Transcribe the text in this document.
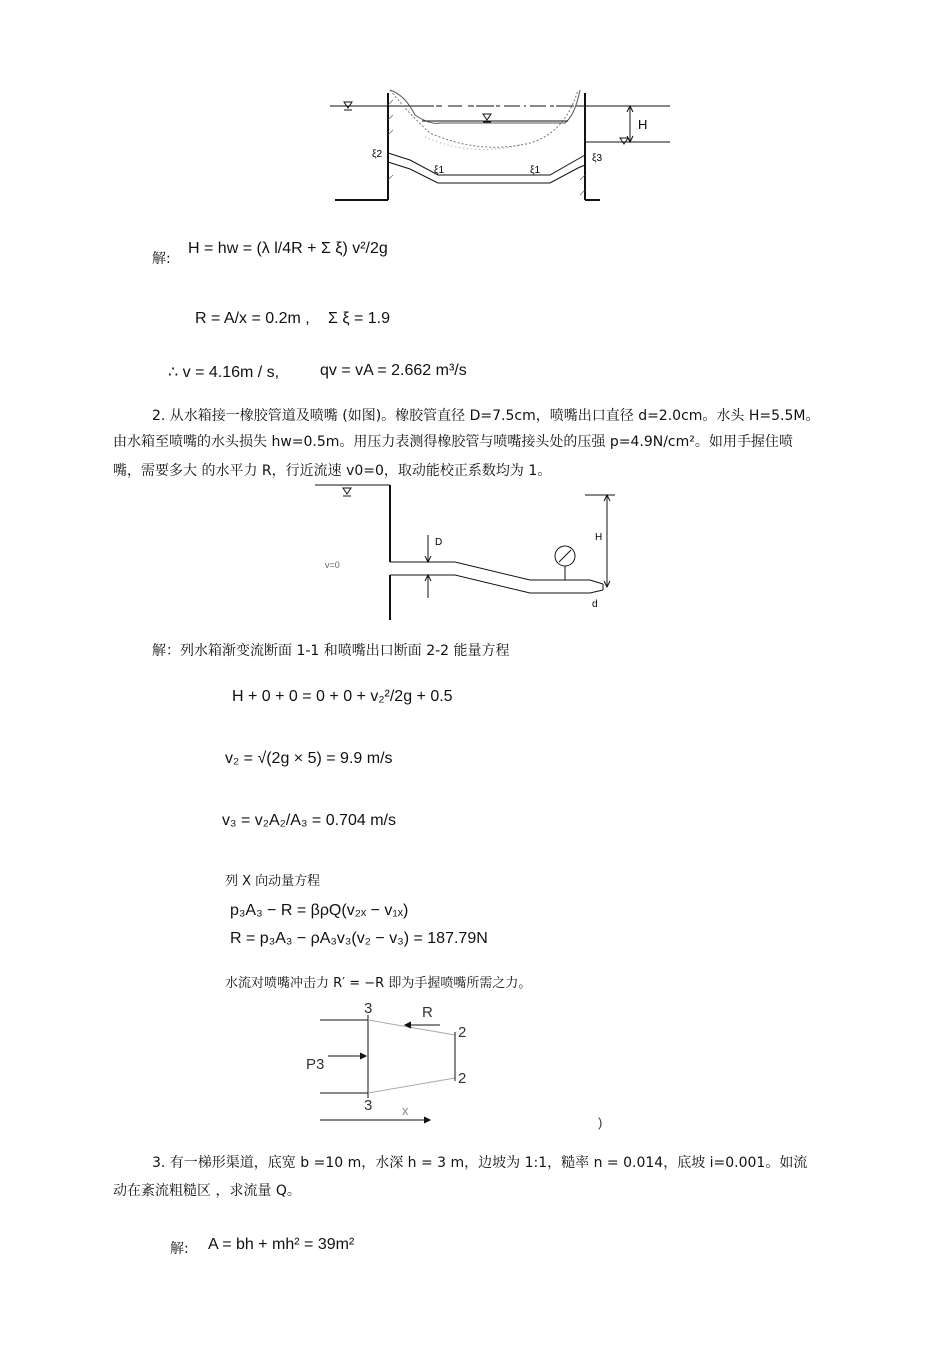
H
ξ2
ξ1	ξ1
ξ3
解:
H = hw = (λ l/4R + Σ ξ) v²/2g
R = A/x = 0.2m , Σ ξ = 1.9
∴ v = 4.16m / s,	qv = vA = 2.662 m³/s
2. 从水箱接一橡胶管道及喷嘴 (如图)。橡胶管直径 D=7.5cm，喷嘴出口直径 d=2.0cm。水头 H=5.5M。
由水箱至喷嘴的水头损失 hw=0.5m。用压力表测得橡胶管与喷嘴接头处的压强 p=4.9N/cm²。如用手握住喷
嘴，需要多大 的水平力 R，行近流速 v0=0，取动能校正系数均为 1。
v=0
D	H
d
解：列水箱渐变流断面 1-1 和喷嘴出口断面 2-2 能量方程
H + 0 + 0 = 0 + 0 + v₂²/2g + 0.5
v₂ = √(2g × 5) = 9.9 m/s
v₃ = v₂A₂/A₃ = 0.704 m/s
列 X 向动量方程
p₃A₃ − R = βρQ(v₂ₓ − v₁ₓ)
R = p₃A₃ − ρA₃v₃(v₂ − v₃) = 187.79N
水流对喷嘴冲击力 R′ = −R 即为手握喷嘴所需之力。
R
P3
3
3
2
2
x
)
3. 有一梯形渠道，底宽 b =10 m，水深 h = 3 m，边坡为 1:1，糙率 n = 0.014，底坡 i=0.001。如流
动在紊流粗糙区 ，求流量 Q。
解: A = bh + mh² = 39m²
